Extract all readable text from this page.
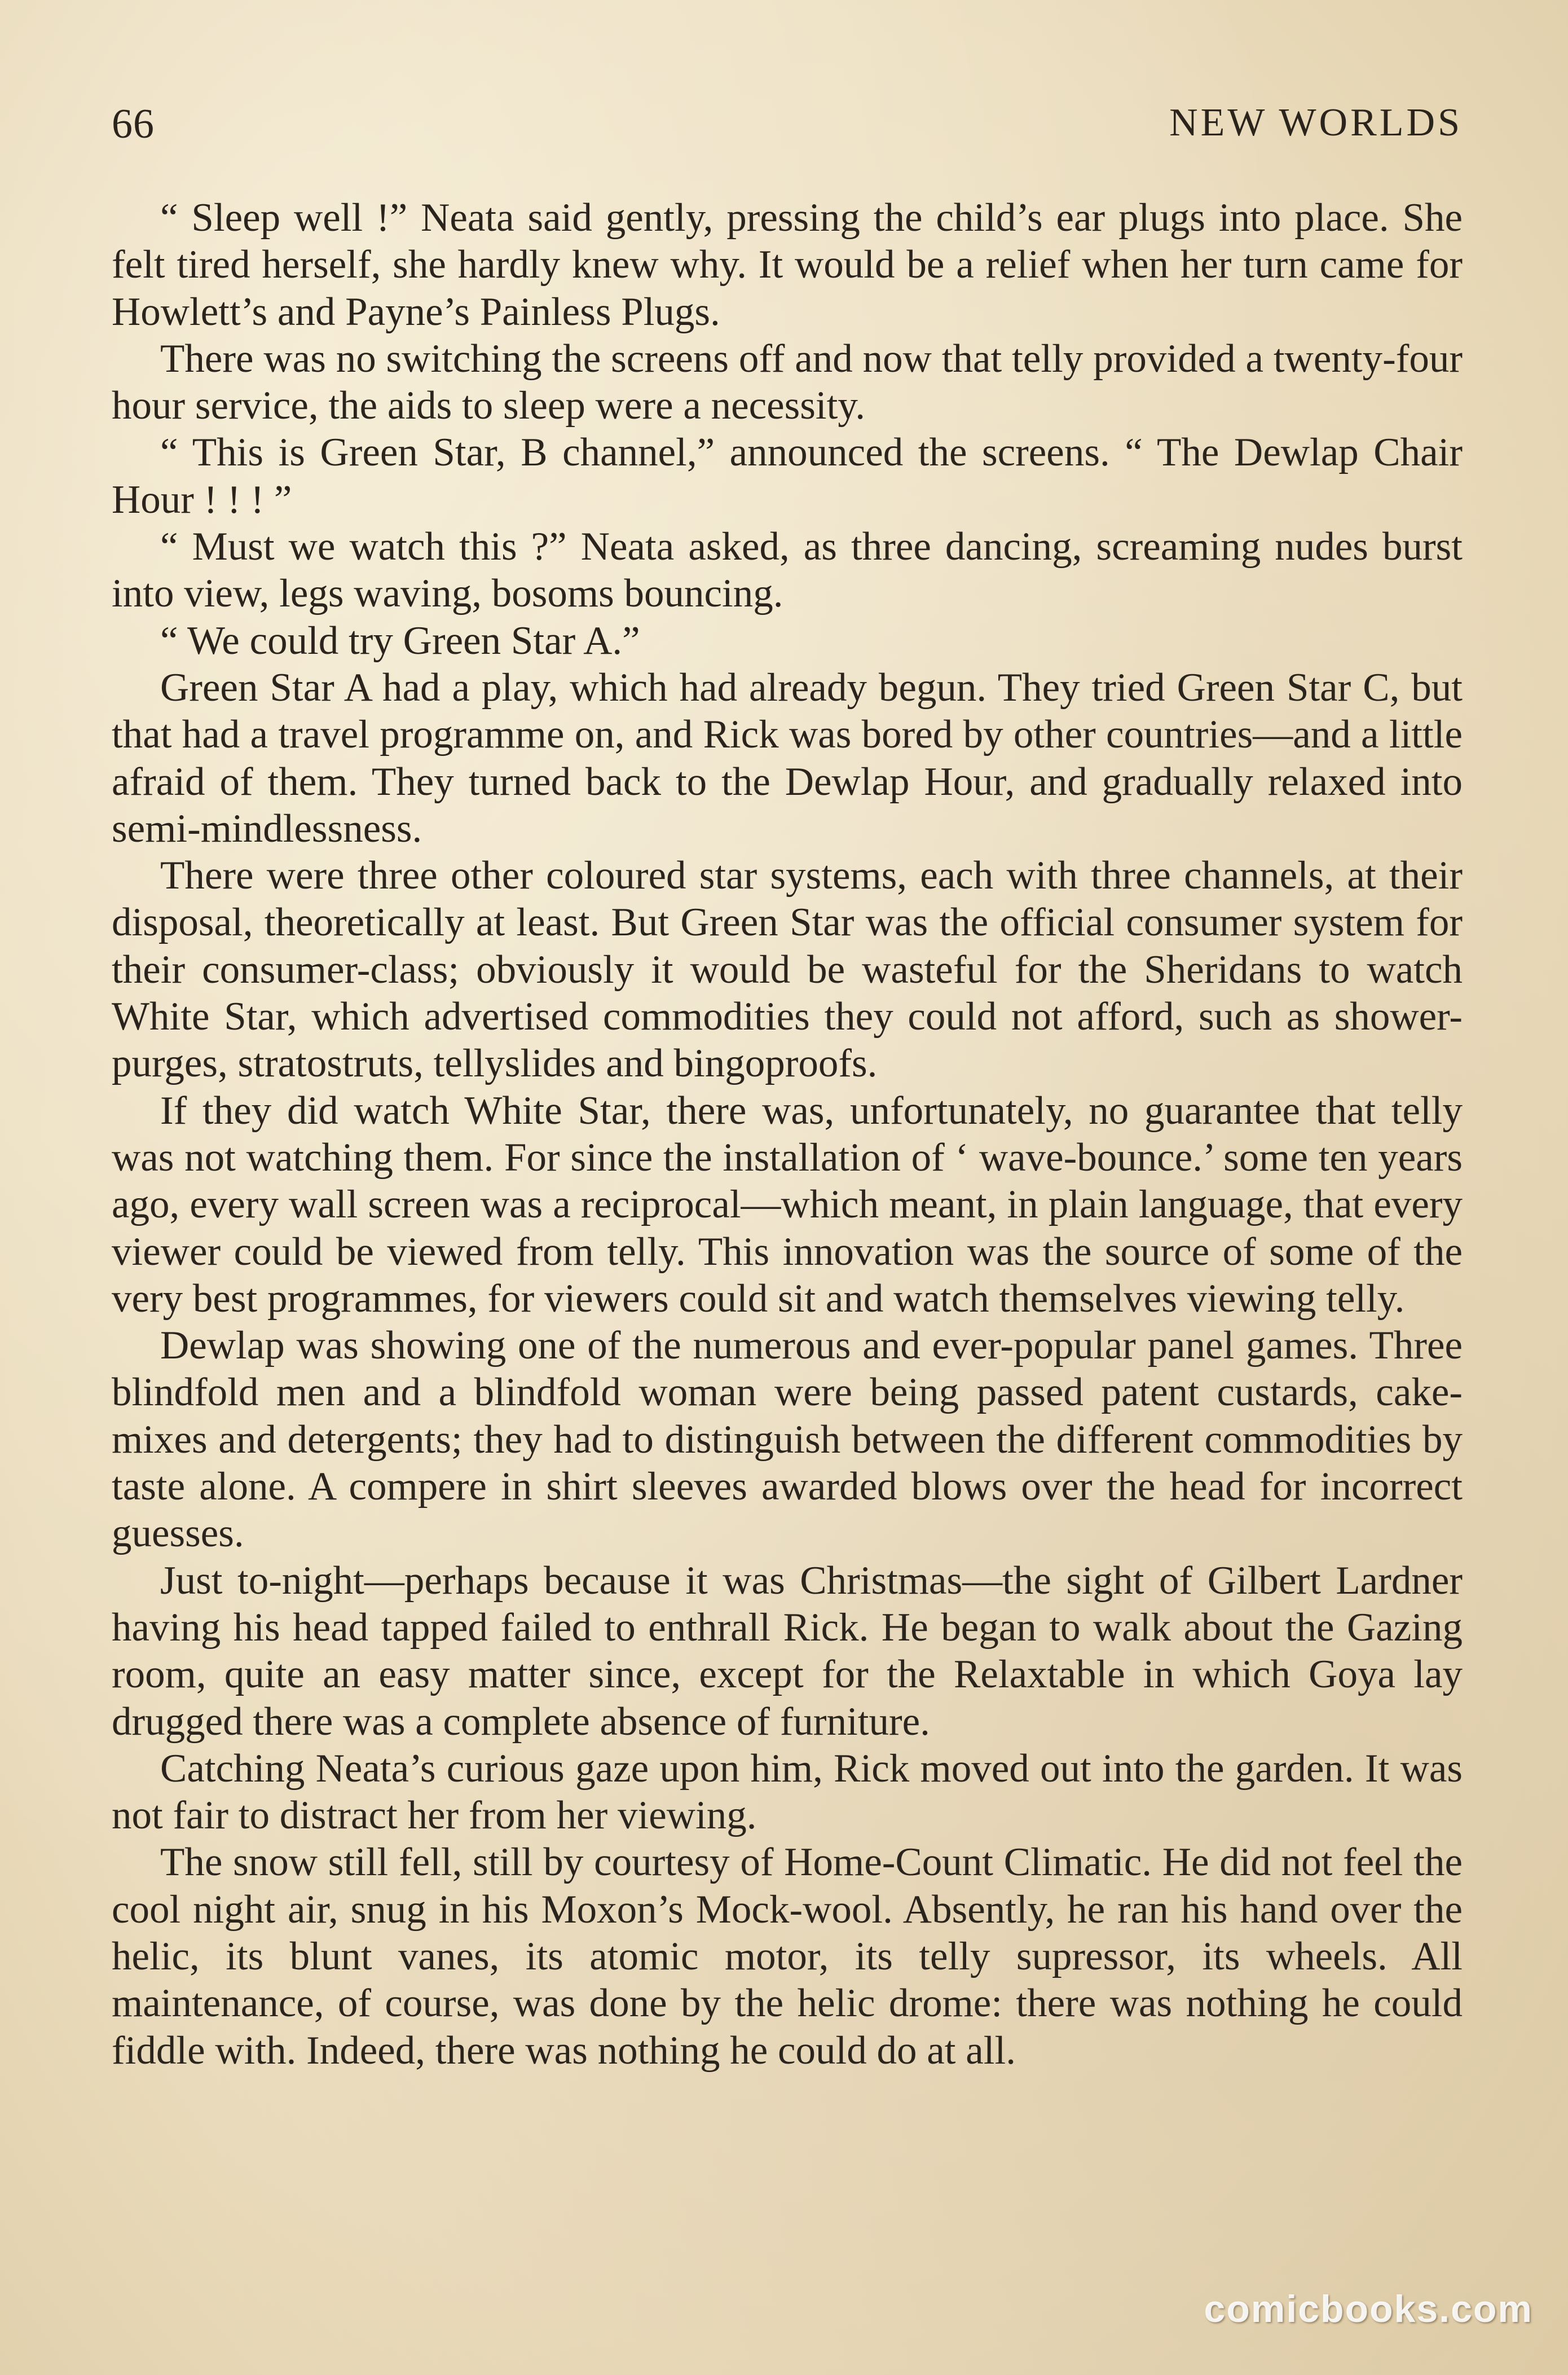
66	NEW WORLDS

“ Sleep well !” Neata said gently, pressing the child’s ear plugs into place. She felt tired herself, she hardly knew why. It would be a relief when her turn came for Howlett’s and Payne’s Painless Plugs.

There was no switching the screens off and now that telly provided a twenty-four hour service, the aids to sleep were a necessity.

“ This is Green Star, B channel,” announced the screens. “ The Dewlap Chair Hour ! ! ! ”

“ Must we watch this ?” Neata asked, as three dancing, screaming nudes burst into view, legs waving, bosoms bouncing.

“ We could try Green Star A.”

Green Star A had a play, which had already begun. They tried Green Star C, but that had a travel programme on, and Rick was bored by other countries—and a little afraid of them. They turned back to the Dewlap Hour, and gradually relaxed into semi-mindlessness.

There were three other coloured star systems, each with three channels, at their disposal, theoretically at least. But Green Star was the official consumer system for their consumer-class; obviously it would be wasteful for the Sheridans to watch White Star, which advertised commodities they could not afford, such as shower-purges, stratostruts, tellyslides and bingoproofs.

If they did watch White Star, there was, unfortunately, no guarantee that telly was not watching them. For since the installation of ‘ wave-bounce.’ some ten years ago, every wall screen was a reciprocal—which meant, in plain language, that every viewer could be viewed from telly. This innovation was the source of some of the very best programmes, for viewers could sit and watch themselves viewing telly.

Dewlap was showing one of the numerous and ever-popular panel games. Three blindfold men and a blindfold woman were being passed patent custards, cake-mixes and detergents; they had to distinguish between the different commodities by taste alone. A compere in shirt sleeves awarded blows over the head for incorrect guesses.

Just to-night—perhaps because it was Christmas—the sight of Gilbert Lardner having his head tapped failed to enthrall Rick. He began to walk about the Gazing room, quite an easy matter since, except for the Relaxtable in which Goya lay drugged there was a complete absence of furniture.

Catching Neata’s curious gaze upon him, Rick moved out into the garden. It was not fair to distract her from her viewing.

The snow still fell, still by courtesy of Home-Count Climatic. He did not feel the cool night air, snug in his Moxon’s Mock-wool. Absently, he ran his hand over the helic, its blunt vanes, its atomic motor, its telly supressor, its wheels. All maintenance, of course, was done by the helic drome: there was nothing he could fiddle with. Indeed, there was nothing he could do at all.

comicbooks.com
